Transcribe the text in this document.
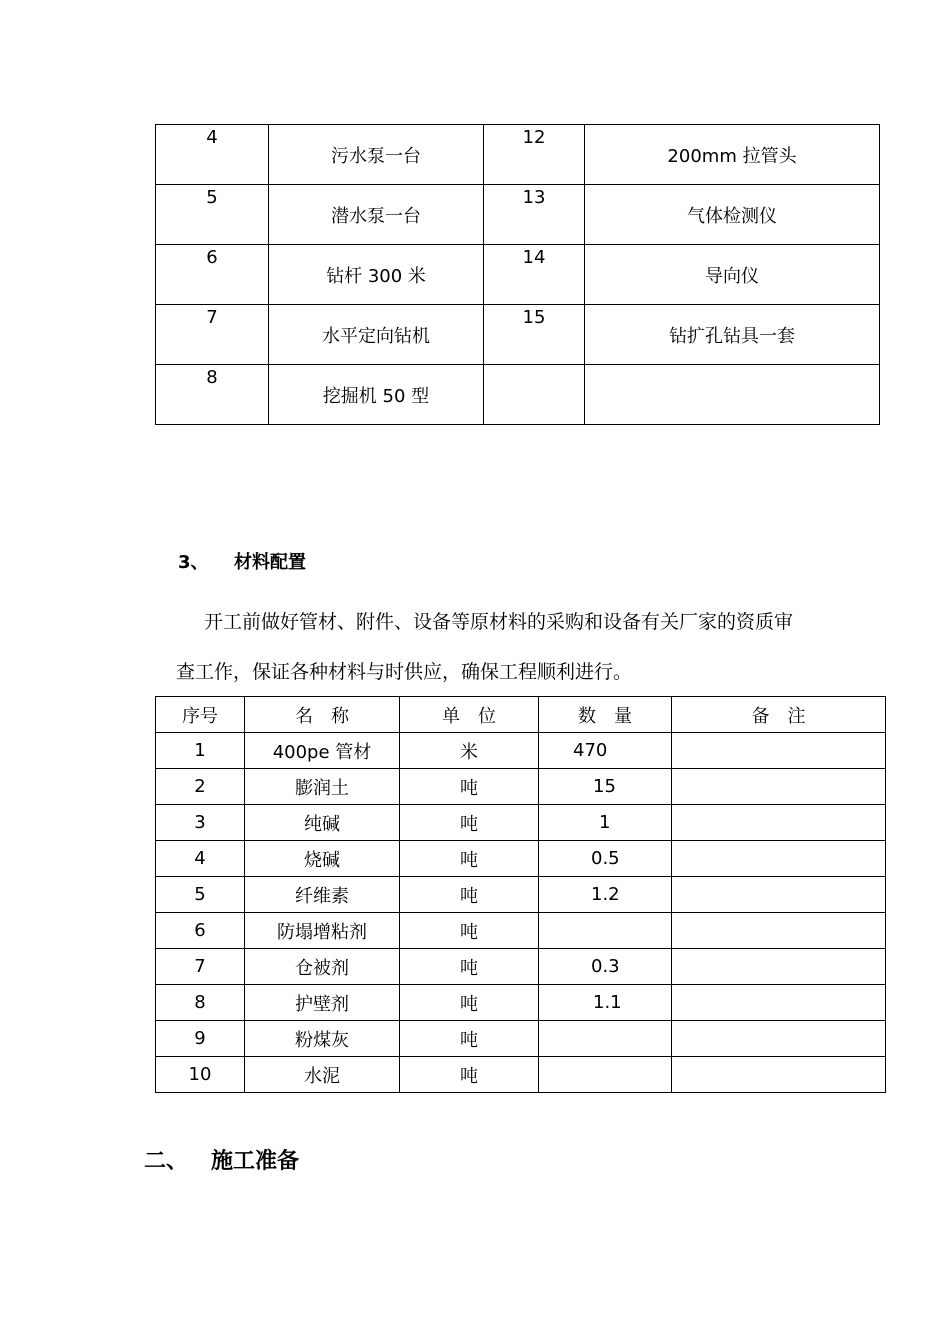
4	污水泵一台	12	200mm 拉管头

5	潜水泵一台	13	气体检测仪

6	钻杆 300 米	14	导向仪

7	水平定向钻机	15	钻扩孔钻具一套

8	挖掘机 50 型	

3、 材料配置
开工前做好管材、附件、设备等原材料的采购和设备有关厂家的资质审
查工作，保证各种材料与时供应，确保工程顺利进行。
序号	名　称	单　位	数　量	备　注
1	400pe 管材	米	470	
2	膨润土	吨	15	
3	纯碱	吨	1	
4	烧碱	吨	0.5	
5	纤维素	吨	1.2	
6	防塌增粘剂	吨		
7	仓被剂	吨	0.3	
8	护壁剂	吨	1.1	
9	粉煤灰	吨		
10	水泥	吨		
二、 施工准备
